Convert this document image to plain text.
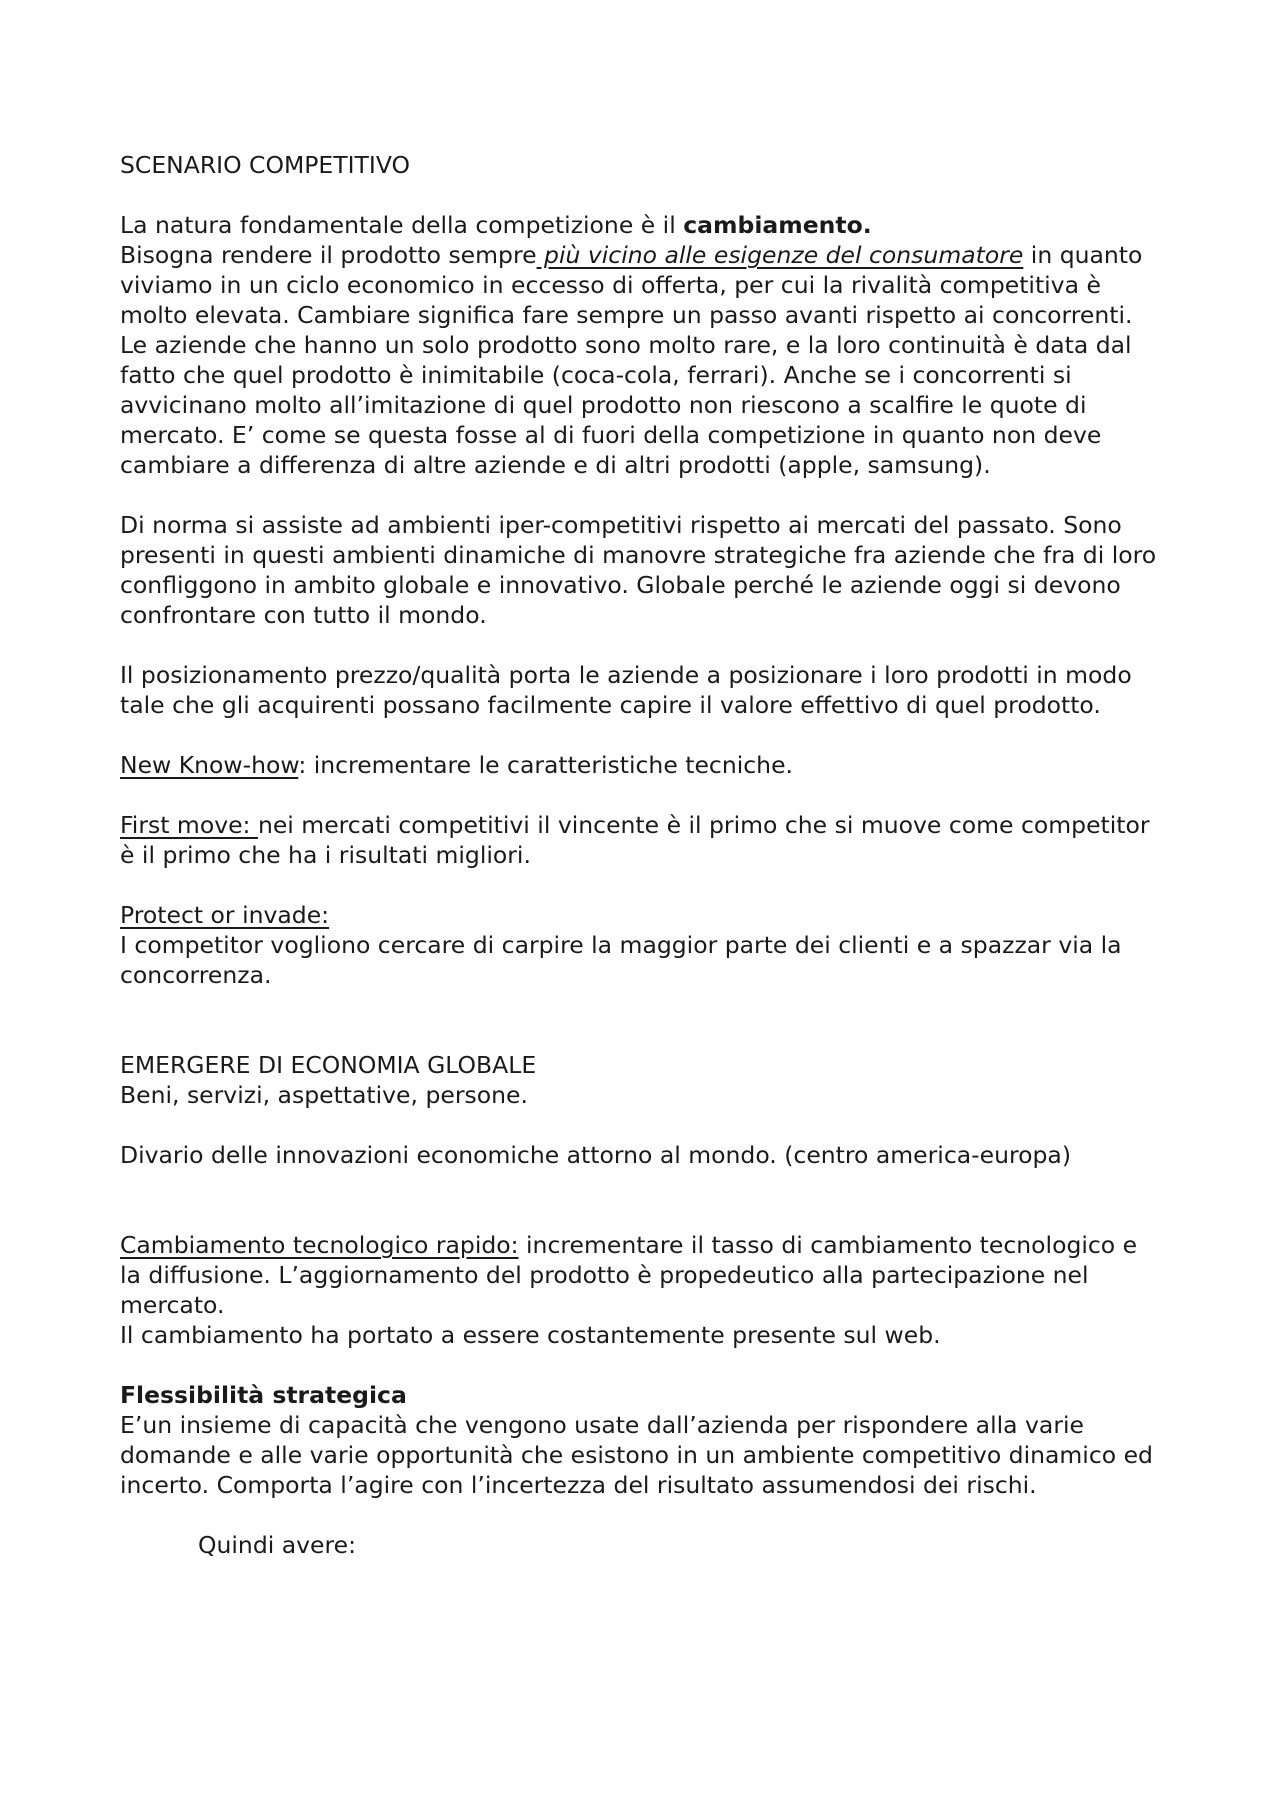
SCENARIO COMPETITIVO

La natura fondamentale della competizione è il cambiamento.

Bisogna rendere il prodotto sempre più vicino alle esigenze del consumatore in quanto viviamo in un ciclo economico in eccesso di offerta, per cui la rivalità competitiva è molto elevata. Cambiare significa fare sempre un passo avanti rispetto ai concorrenti. Le aziende che hanno un solo prodotto sono molto rare, e la loro continuità è data dal fatto che quel prodotto è inimitabile (coca-cola, ferrari). Anche se i concorrenti si avvicinano molto all’imitazione di quel prodotto non riescono a scalfire le quote di mercato. E’ come se questa fosse al di fuori della competizione in quanto non deve cambiare a differenza di altre aziende e di altri prodotti (apple, samsung).

Di norma si assiste ad ambienti iper-competitivi rispetto ai mercati del passato. Sono presenti in questi ambienti dinamiche di manovre strategiche fra aziende che fra di loro confliggono in ambito globale e innovativo. Globale perché le aziende oggi si devono confrontare con tutto il mondo.

Il posizionamento prezzo/qualità porta le aziende a posizionare i loro prodotti in modo tale che gli acquirenti possano facilmente capire il valore effettivo di quel prodotto.

New Know-how: incrementare le caratteristiche tecniche.

First move: nei mercati competitivi il vincente è il primo che si muove come competitor è il primo che ha i risultati migliori.

Protect or invade:

I competitor vogliono cercare di carpire la maggior parte dei clienti e a spazzar via la concorrenza.

EMERGERE DI ECONOMIA GLOBALE

Beni, servizi, aspettative, persone.

Divario delle innovazioni economiche attorno al mondo. (centro america-europa)

Cambiamento tecnologico rapido: incrementare il tasso di cambiamento tecnologico e la diffusione. L’aggiornamento del prodotto è propedeutico alla partecipazione nel mercato.

Il cambiamento ha portato a essere costantemente presente sul web.

Flessibilità strategica

E’un insieme di capacità che vengono usate dall’azienda per rispondere alla varie domande e alle varie opportunità che esistono in un ambiente competitivo dinamico ed incerto. Comporta l’agire con l’incertezza del risultato assumendosi dei rischi.

Quindi avere:
